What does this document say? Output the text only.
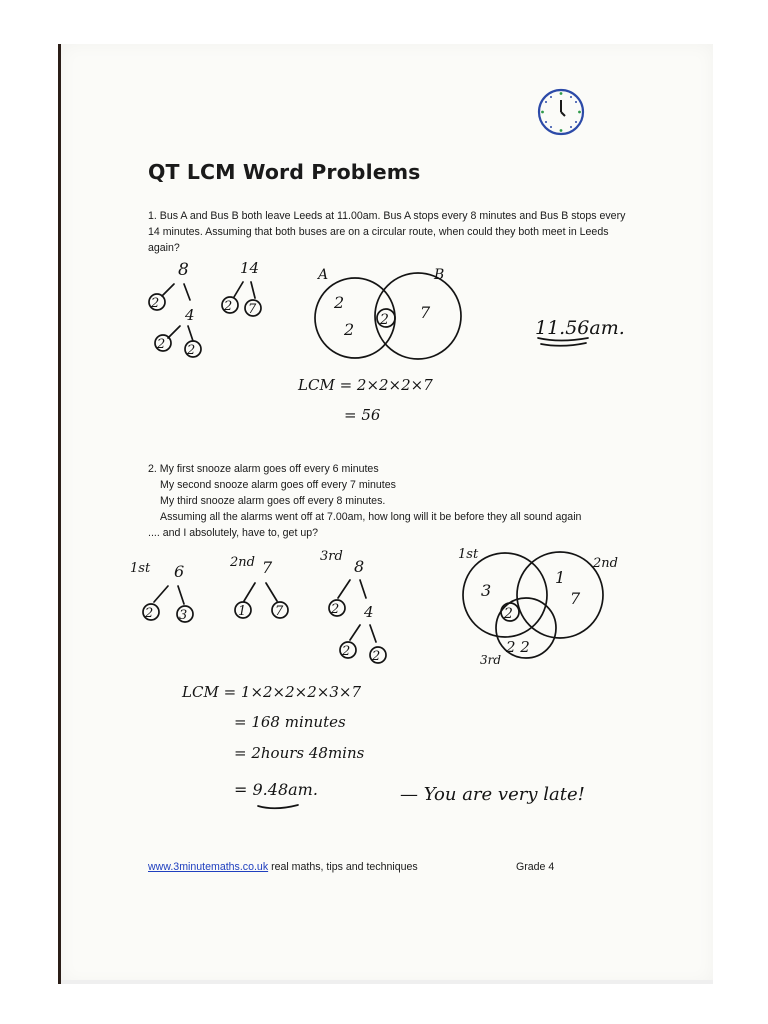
QT LCM Word Problems
1. Bus A and Bus B both leave Leeds at 11.00am. Bus A stops every 8 minutes and Bus B stops every 14 minutes. Assuming that both buses are on a circular route, when could they both meet in Leeds again?
2. My first snooze alarm goes off every 6 minutes
My second snooze alarm goes off every 7 minutes
My third snooze alarm goes off every 8 minutes.
Assuming all the alarms went off at 7.00am, how long will it be before they all sound again
.... and I absolutely, have to, get up?
8	14
2
4 2 7
2 2
A	B
2
2 2 7
11.56am.
LCM = 2×2×2×7
= 56
1st 6
2 3
2nd 7
1 7
3rd
8
2 4
2 2
1st
2nd
3rd
3
1
7
2
2 2
LCM = 1×2×2×2×3×7
= 168 minutes
= 2hours 48mins
= 9.48am.	— You are very late!
www.3minutemaths.co.uk real maths, tips and techniques	Grade 4
